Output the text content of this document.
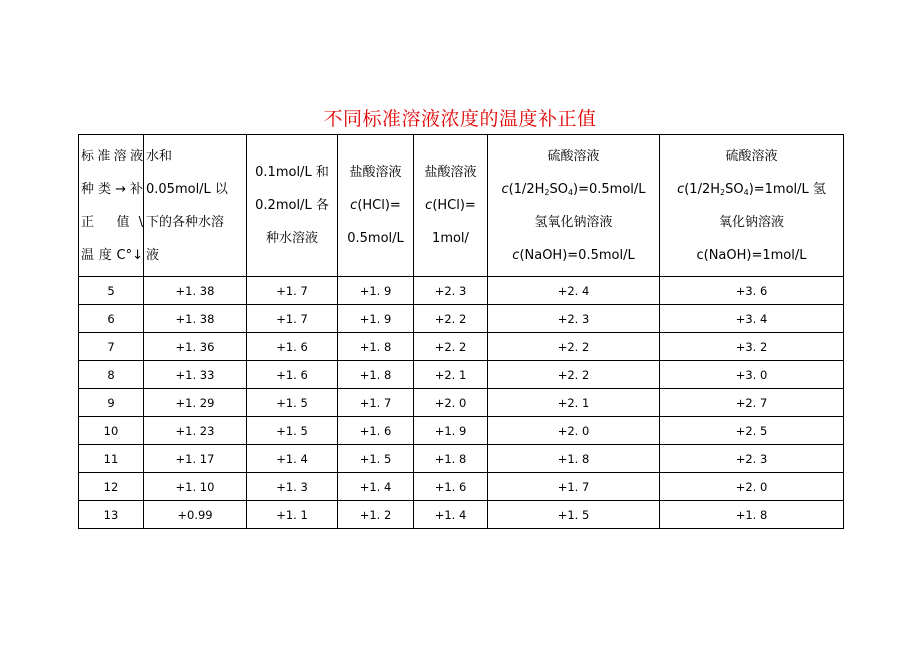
不同标准溶液浓度的温度补正值
标准溶液
种类→补
正 值\
温度C°↓	水和
0.05mol/L 以
下的各种水溶
液	0.1mol/L 和
0.2mol/L 各
种水溶液	盐酸溶液
c(HCl)=
0.5mol/L	盐酸溶液
c(HCl)=
1mol/	硫酸溶液
$c(1/2H_2SO_4)=0.5mol/L$
氢氧化钠溶液
c(NaOH)=0.5mol/L	硫酸溶液
$c(1/2H_2SO_4)=1mol/L$ 氢
氧化钠溶液
c(NaOH)=1mol/L

5	+1. 38	+1. 7	+1. 9	+2. 3	+2. 4	+3. 6
6	+1. 38	+1. 7	+1. 9	+2. 2	+2. 3	+3. 4
7	+1. 36	+1. 6	+1. 8	+2. 2	+2. 2	+3. 2
8	+1. 33	+1. 6	+1. 8	+2. 1	+2. 2	+3. 0
9	+1. 29	+1. 5	+1. 7	+2. 0	+2. 1	+2. 7
10	+1. 23	+1. 5	+1. 6	+1. 9	+2. 0	+2. 5
11	+1. 17	+1. 4	+1. 5	+1. 8	+1. 8	+2. 3
12	+1. 10	+1. 3	+1. 4	+1. 6	+1. 7	+2. 0
13	+0.99	+1. 1	+1. 2	+1. 4	+1. 5	+1. 8
